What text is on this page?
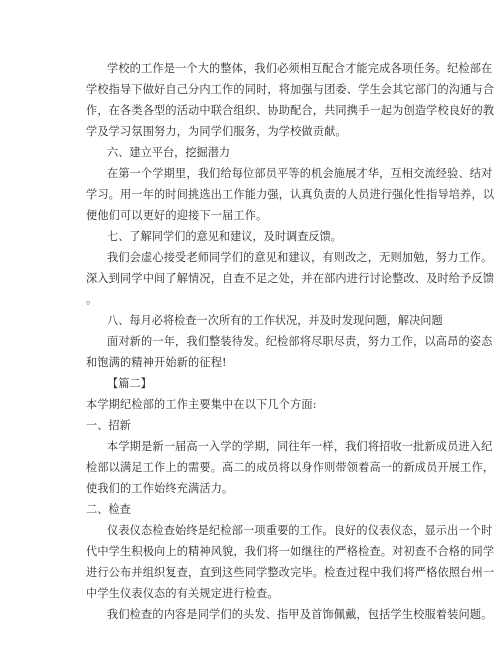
学校的工作是一个大的整体，我们必须相互配合才能完成各项任务。纪检部在
学校指导下做好自己分内工作的同时，将加强与团委、学生会其它部门的沟通与合
作，在各类各型的活动中联合组织、协助配合，共同携手一起为创造学校良好的教
学及学习氛围努力，为同学们服务，为学校做贡献。
六、建立平台，挖掘潜力
在第一个学期里，我们给每位部员平等的机会施展才华，互相交流经验、结对
学习。用一年的时间挑选出工作能力强，认真负责的人员进行强化性指导培养，以
便他们可以更好的迎接下一届工作。
七、了解同学们的意见和建议，及时调查反馈。
我们会虚心接受老师同学们的意见和建议，有则改之，无则加勉，努力工作。
深入到同学中间了解情况，自查不足之处，并在部内进行讨论整改、及时给予反馈
。
八、每月必将检查一次所有的工作状况，并及时发现问题，解决问题
面对新的一年，我们整装待发。纪检部将尽职尽责，努力工作，以高昂的姿态
和饱满的精神开始新的征程!
【篇二】
本学期纪检部的工作主要集中在以下几个方面:
一、招新
本学期是新一届高一入学的学期，同往年一样，我们将招收一批新成员进入纪
检部以满足工作上的需要。高二的成员将以身作则带领着高一的新成员开展工作，
使我们的工作始终充满活力。
二、检查
仪表仪态检查始终是纪检部一项重要的工作。良好的仪表仪态，显示出一个时
代中学生积极向上的精神风貌，我们将一如继往的严格检查。对初查不合格的同学
进行公布并组织复查，直到这些同学整改完毕。检查过程中我们将严格依照台州一
中学生仪表仪态的有关规定进行检查。
我们检查的内容是同学们的头发、指甲及首饰佩戴，包括学生校服着装问题。
